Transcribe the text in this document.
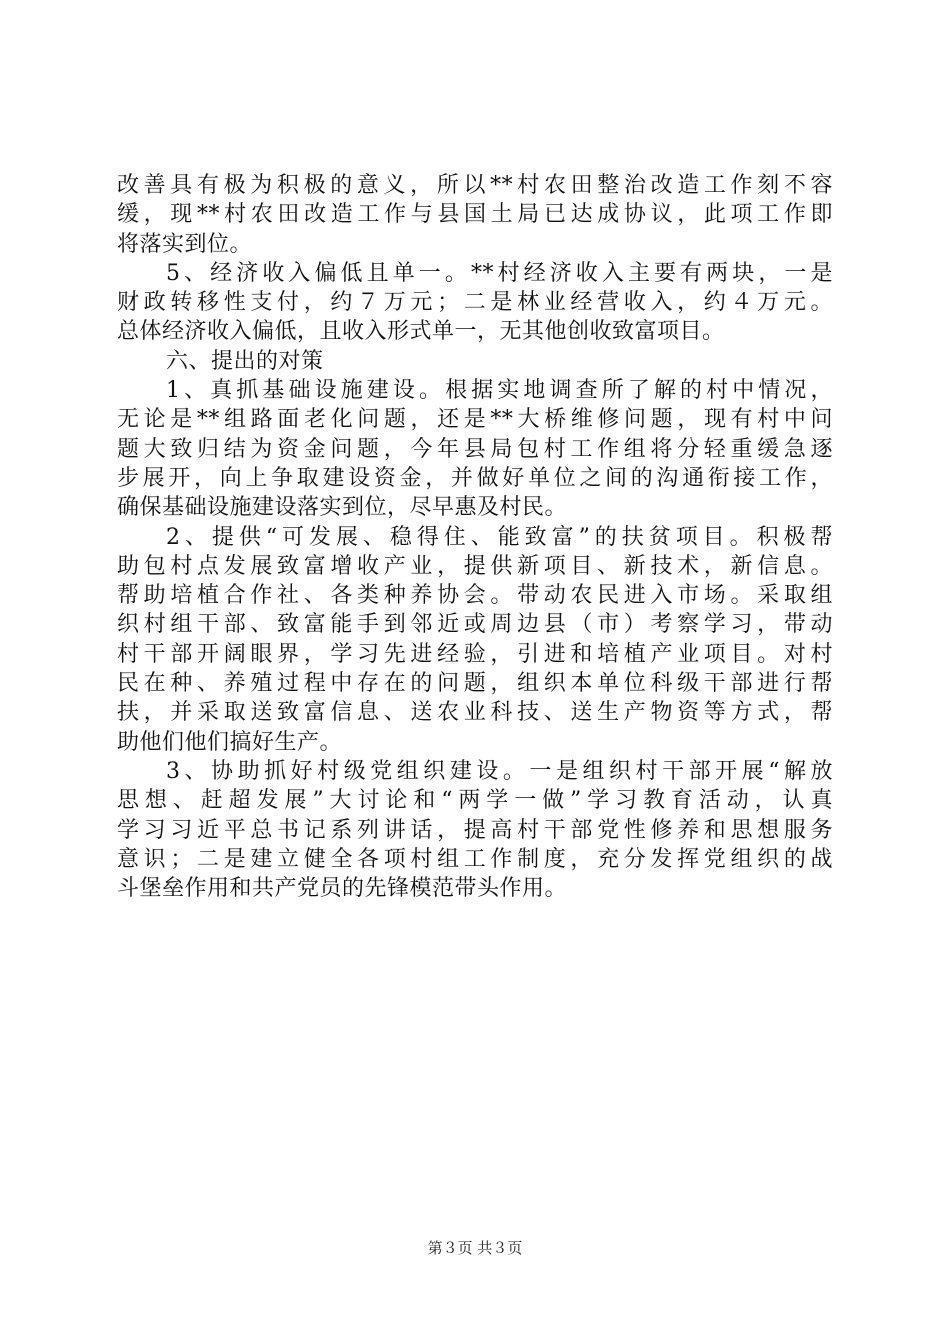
改善具有极为积极的意义，所以**村农田整治改造工作刻不容
缓，现**村农田改造工作与县国土局已达成协议，此项工作即
将落实到位。
5、经济收入偏低且单一。**村经济收入主要有两块，一是
财政转移性支付，约７万元；二是林业经营收入，约４万元。
总体经济收入偏低，且收入形式单一，无其他创收致富项目。
六、提出的对策
1、真抓基础设施建设。根据实地调查所了解的村中情况，
无论是**组路面老化问题，还是**大桥维修问题，现有村中问
题大致归结为资金问题，今年县局包村工作组将分轻重缓急逐
步展开，向上争取建设资金，并做好单位之间的沟通衔接工作，
确保基础设施建设落实到位，尽早惠及村民。
2、提供“可发展、稳得住、能致富”的扶贫项目。积极帮
助包村点发展致富增收产业，提供新项目、新技术，新信息。
帮助培植合作社、各类种养协会。带动农民进入市场。采取组
织村组干部、致富能手到邻近或周边县（市）考察学习，带动
村干部开阔眼界，学习先进经验，引进和培植产业项目。对村
民在种、养殖过程中存在的问题，组织本单位科级干部进行帮
扶，并采取送致富信息、送农业科技、送生产物资等方式，帮
助他们他们搞好生产。
3、协助抓好村级党组织建设。一是组织村干部开展“解放
思想、赶超发展”大讨论和“两学一做”学习教育活动，认真
学习习近平总书记系列讲话，提高村干部党性修养和思想服务
意识；二是建立健全各项村组工作制度，充分发挥党组织的战
斗堡垒作用和共产党员的先锋模范带头作用。
第３页 共３页
